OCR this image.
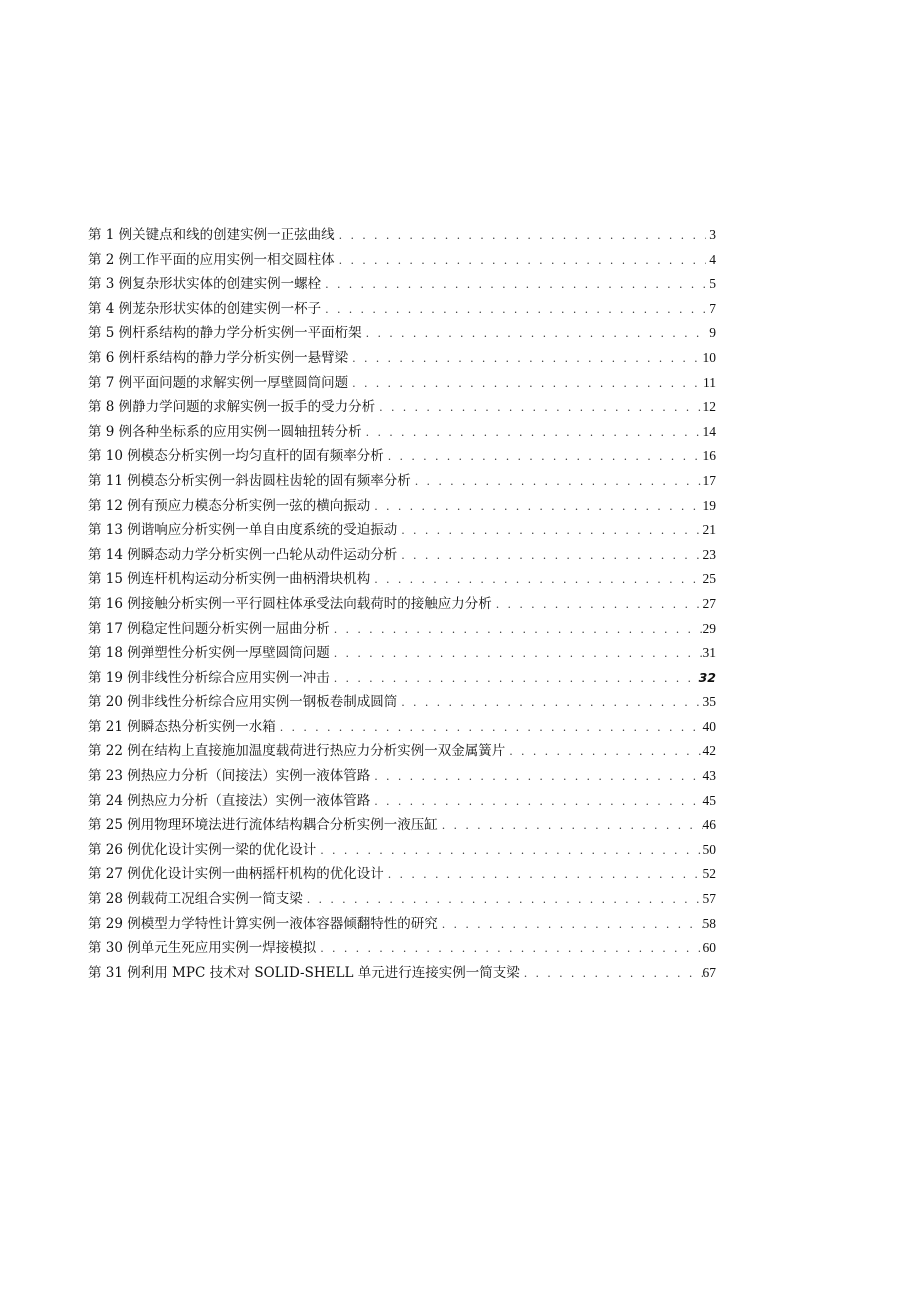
第 1 例关键点和线的创建实例一正弦曲线 . . .	3
第 2 例工作平面的应用实例一相交圆柱体 . . .	4
第 3 例复杂形状实体的创建实例一螺栓 . . .	5
第 4 例茏杂形状实体的创建实例一杯子 . . .	7
第 5 例杆系结构的静力学分析实例一平面桁架 . . .	9
第 6 例杆系结构的静力学分析实例一悬臂梁 . . .	10
第 7 例平面问题的求解实例一厚壁圆筒问题 . . .	11
第 8 例静力学问题的求解实例一扳手的受力分析 . . .	12
第 9 例各种坐标系的应用实例一圆轴扭转分析 . . .	14
第 10 例模态分析实例一均匀直杆的固有频率分析 . . .	16
第 11 例模态分析实例一斜齿圆柱齿轮的固有频率分析 . . .	17
第 12 例有预应力模态分析实例一弦的横向振动 . . .	19
第 13 例谐响应分析实例一单自由度系统的受迫振动 . . .	21
第 14 例瞬态动力学分析实例一凸轮从动件运动分析 . . .	23
第 15 例连杆机构运动分析实例一曲柄滑块机构 . . .	25
第 16 例接触分析实例一平行圆柱体承受法向载荷时的接触应力分析 . . .	27
第 17 例稳定性问题分析实例一屈曲分析 . . .	29
第 18 例弹塑性分析实例一厚壁圆筒问题 . . .	31
第 19 例非线性分析综合应用实例一冲击 . . .	32
第 20 例非线性分析综合应用实例一钢板卷制成圆筒 . . .	35
第 21 例瞬态热分析实例一水箱 . . .	40
第 22 例在结构上直接施加温度载荷进行热应力分析实例一双金属簧片 . . .	42
第 23 例热应力分析（间接法）实例一液体管路 . . .	43
第 24 例热应力分析（直接法）实例一液体管路 . . .	45
第 25 例用物理环境法进行流体结构耦合分析实例一液压缸 . . .	46
第 26 例优化设计实例一梁的优化设计 . . .	50
第 27 例优化设计实例一曲柄摇杆机构的优化设计 . . .	52
第 28 例载荷工况组合实例一简支梁 . . .	57
第 29 例模型力学特性计算实例一液体容器倾翻特性的研究 . . .	58
第 30 例单元生死应用实例一焊接模拟 . . .	60
第 31 例利用 MPC 技术对 SOLID-SHELL 单元进行连接实例一简支梁 . . .	67
